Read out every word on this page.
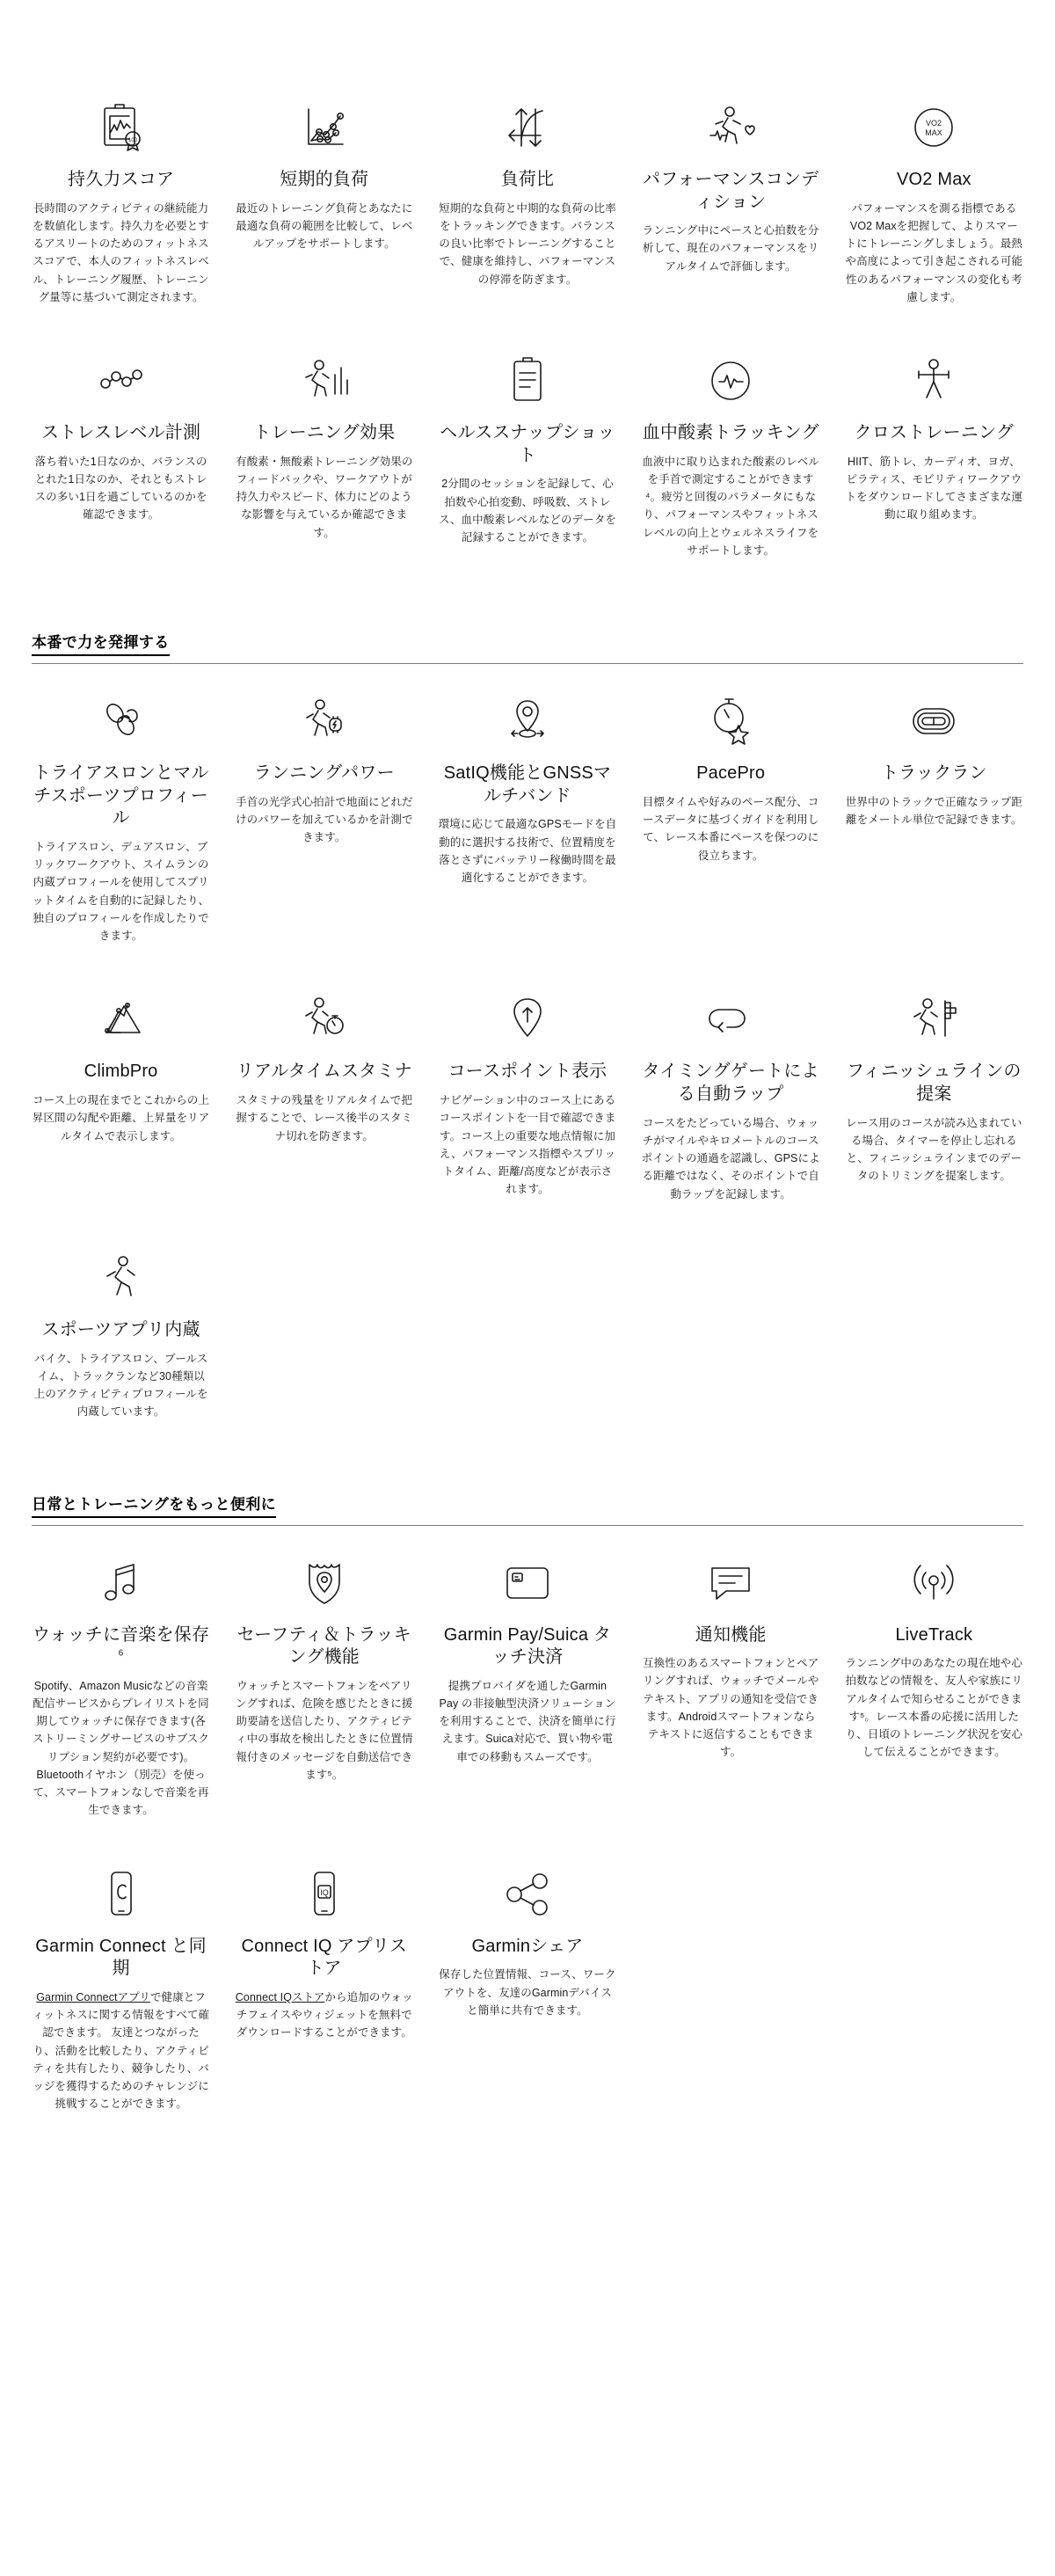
100
持久力スコア

長時間のアクティビティの継続能力を数値化します。持久力を必要とするアスリートのためのフィットネススコアで、本人のフィットネスレベル、トレーニング履歴、トレーニング量等に基づいて測定されます。

短期的負荷

最近のトレーニング負荷とあなたに最適な負荷の範囲を比較して、レベルアップをサポートします。

負荷比

短期的な負荷と中期的な負荷の比率をトラッキングできます。バランスの良い比率でトレーニングすることで、健康を維持し、パフォーマンスの停滞を防ぎます。

パフォーマンスコンディション

ランニング中にペースと心拍数を分析して、現在のパフォーマンスをリアルタイムで評価します。

VO2
MAX
VO2 Max

パフォーマンスを測る指標であるVO2 Maxを把握して、よりスマートにトレーニングしましょう。最熱や高度によって引き起こされる可能性のあるパフォーマンスの変化も考慮します。

ストレスレベル計測

落ち着いた1日なのか、バランスのとれた1日なのか、それともストレスの多い1日を過ごしているのかを確認できます。

トレーニング効果

有酸素・無酸素トレーニング効果のフィードバックや、ワークアウトが持久力やスピード、体力にどのような影響を与えているか確認できます。

ヘルススナップショット

2分間のセッションを記録して、心拍数や心拍変動、呼吸数、ストレス、血中酸素レベルなどのデータを記録することができます。

血中酸素トラッキング

血液中に取り込まれた酸素のレベルを手首で測定することができます⁴。疲労と回復のパラメータにもなり、パフォーマンスやフィットネスレベルの向上とウェルネスライフをサポートします。

クロストレーニング

HIIT、筋トレ、カーディオ、ヨガ、ピラティス、モビリティワークアウトをダウンロードしてさまざまな運動に取り組めます。

本番で力を発揮する
トライアスロンとマルチスポーツプロフィール

トライアスロン、デュアスロン、ブリックワークアウト、スイムランの内蔵プロフィールを使用してスプリットタイムを自動的に記録したり、独自のプロフィールを作成したりできます。

ランニングパワー

手首の光学式心拍計で地面にどれだけのパワーを加えているかを計測できます。

SatIQ機能とGNSSマルチバンド

環境に応じて最適なGPSモードを自動的に選択する技術で、位置精度を落とさずにバッテリー稼働時間を最適化することができます。

PacePro

目標タイムや好みのペース配分、コースデータに基づくガイドを利用して、レース本番にペースを保つのに役立ちます。

トラックラン

世界中のトラックで正確なラップ距離をメートル単位で記録できます。

ClimbPro

コース上の現在までとこれからの上昇区間の勾配や距離、上昇量をリアルタイムで表示します。

リアルタイムスタミナ

スタミナの残量をリアルタイムで把握することで、レース後半のスタミナ切れを防ぎます。

コースポイント表示

ナビゲーション中のコース上にあるコースポイントを一目で確認できます。コース上の重要な地点情報に加え、パフォーマンス指標やスプリットタイム、距離/高度などが表示されます。

タイミングゲートによる自動ラップ

コースをたどっている場合、ウォッチがマイルやキロメートルのコースポイントの通過を認識し、GPSによる距離ではなく、そのポイントで自動ラップを記録します。

フィニッシュラインの提案

レース用のコースが読み込まれている場合、タイマーを停止し忘れると、フィニッシュラインまでのデータのトリミングを提案します。

スポーツアプリ内蔵

バイク、トライアスロン、プールスイム、トラックランなど30種類以上のアクティビティプロフィールを内蔵しています。

日常とトレーニングをもっと便利に
ウォッチに音楽を保存$^6$

Spotify、Amazon Musicなどの音楽配信サービスからプレイリストを同期してウォッチに保存できます(各ストリーミングサービスのサブスクリプション契約が必要です)。Bluetoothイヤホン（別売）を使って、スマートフォンなしで音楽を再生できます。

セーフティ＆トラッキング機能

ウォッチとスマートフォンをペアリングすれば、危険を感じたときに援助要請を送信したり、アクティビティ中の事故を検出したときに位置情報付きのメッセージを自動送信できます⁵。

Garmin Pay/Suica タッチ決済

提携プロバイダを通したGarmin Pay の非接触型決済ソリューションを利用することで、決済を簡単に行えます。Suica対応で、買い物や電車での移動もスムーズです。

通知機能

互換性のあるスマートフォンとペアリングすれば、ウォッチでメールやテキスト、アプリの通知を受信できます。Androidスマートフォンならテキストに返信することもできます。

LiveTrack

ランニング中のあなたの現在地や心拍数などの情報を、友人や家族にリアルタイムで知らせることができます⁵。レース本番の応援に活用したり、日頃のトレーニング状況を安心して伝えることができます。

Garmin Connect と同期

Garmin Connectアプリで健康とフィットネスに関する情報をすべて確認できます。 友達とつながったり、活動を比較したり、アクティビティを共有したり、競争したり、バッジを獲得するためのチャレンジに挑戦することができます。

IQ
Connect IQ アプリストア

Connect IQストアから追加のウォッチフェイスやウィジェットを無料でダウンロードすることができます。

Garminシェア

保存した位置情報、コース、ワークアウトを、友達のGarminデバイスと簡単に共有できます。
